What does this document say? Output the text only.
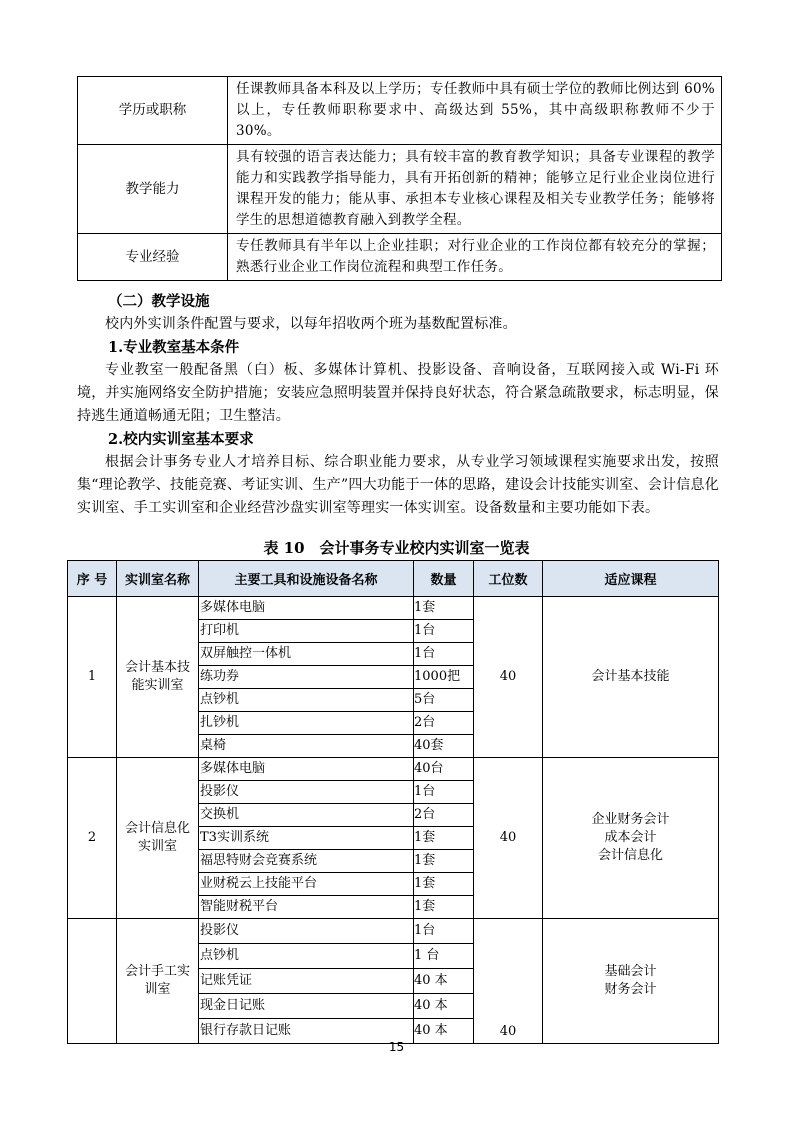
学历或职称	任课教师具备本科及以上学历；专任教师中具有硕士学位的教师比例达到 60%以上，专任教师职称要求中、高级达到 55%，其中高级职称教师不少于 30%。
教学能力	具有较强的语言表达能力；具有较丰富的教育教学知识；具备专业课程的教学能力和实践教学指导能力，具有开拓创新的精神；能够立足行业企业岗位进行课程开发的能力；能从事、承担本专业核心课程及相关专业教学任务；能够将学生的思想道德教育融入到教学全程。
专业经验	专任教师具有半年以上企业挂职；对行业企业的工作岗位都有较充分的掌握；熟悉行业企业工作岗位流程和典型工作任务。
（二）教学设施
校内外实训条件配置与要求，以每年招收两个班为基数配置标准。
1.专业教室基本条件
专业教室一般配备黑（白）板、多媒体计算机、投影设备、音响设备，互联网接入或 Wi-Fi 环境，并实施网络安全防护措施；安装应急照明装置并保持良好状态，符合紧急疏散要求，标志明显，保持逃生通道畅通无阻；卫生整洁。
2.校内实训室基本要求
根据会计事务专业人才培养目标、综合职业能力要求，从专业学习领域课程实施要求出发，按照集“理论教学、技能竞赛、考证实训、生产”四大功能于一体的思路，建设会计技能实训室、会计信息化实训室、手工实训室和企业经营沙盘实训室等理实一体实训室。设备数量和主要功能如下表。
表 10　会计事务专业校内实训室一览表
序 号	实训室名称	主要工具和设施设备名称	数量	工位数	适应课程
1	会计基本技能实训室	多媒体电脑	1套	40	会计基本技能
		打印机	1台		
		双屏触控一体机	1台		
		练功券	1000把		
		点钞机	5台		
		扎钞机	2台		
		桌椅	40套		
2	会计信息化实训室	多媒体电脑	40台	40	企业财务会计
成本会计
会计信息化
		投影仪	1台		
		交换机	2台		
		T3实训系统	1套		
		福思特财会竞赛系统	1套		
		业财税云上技能平台	1套		
		智能财税平台	1套		
	会计手工实训室	投影仪	1台	40	基础会计
财务会计
		点钞机	1 台		
		记账凭证	40 本		
		现金日记账	40 本		
		银行存款日记账	40 本		
15
